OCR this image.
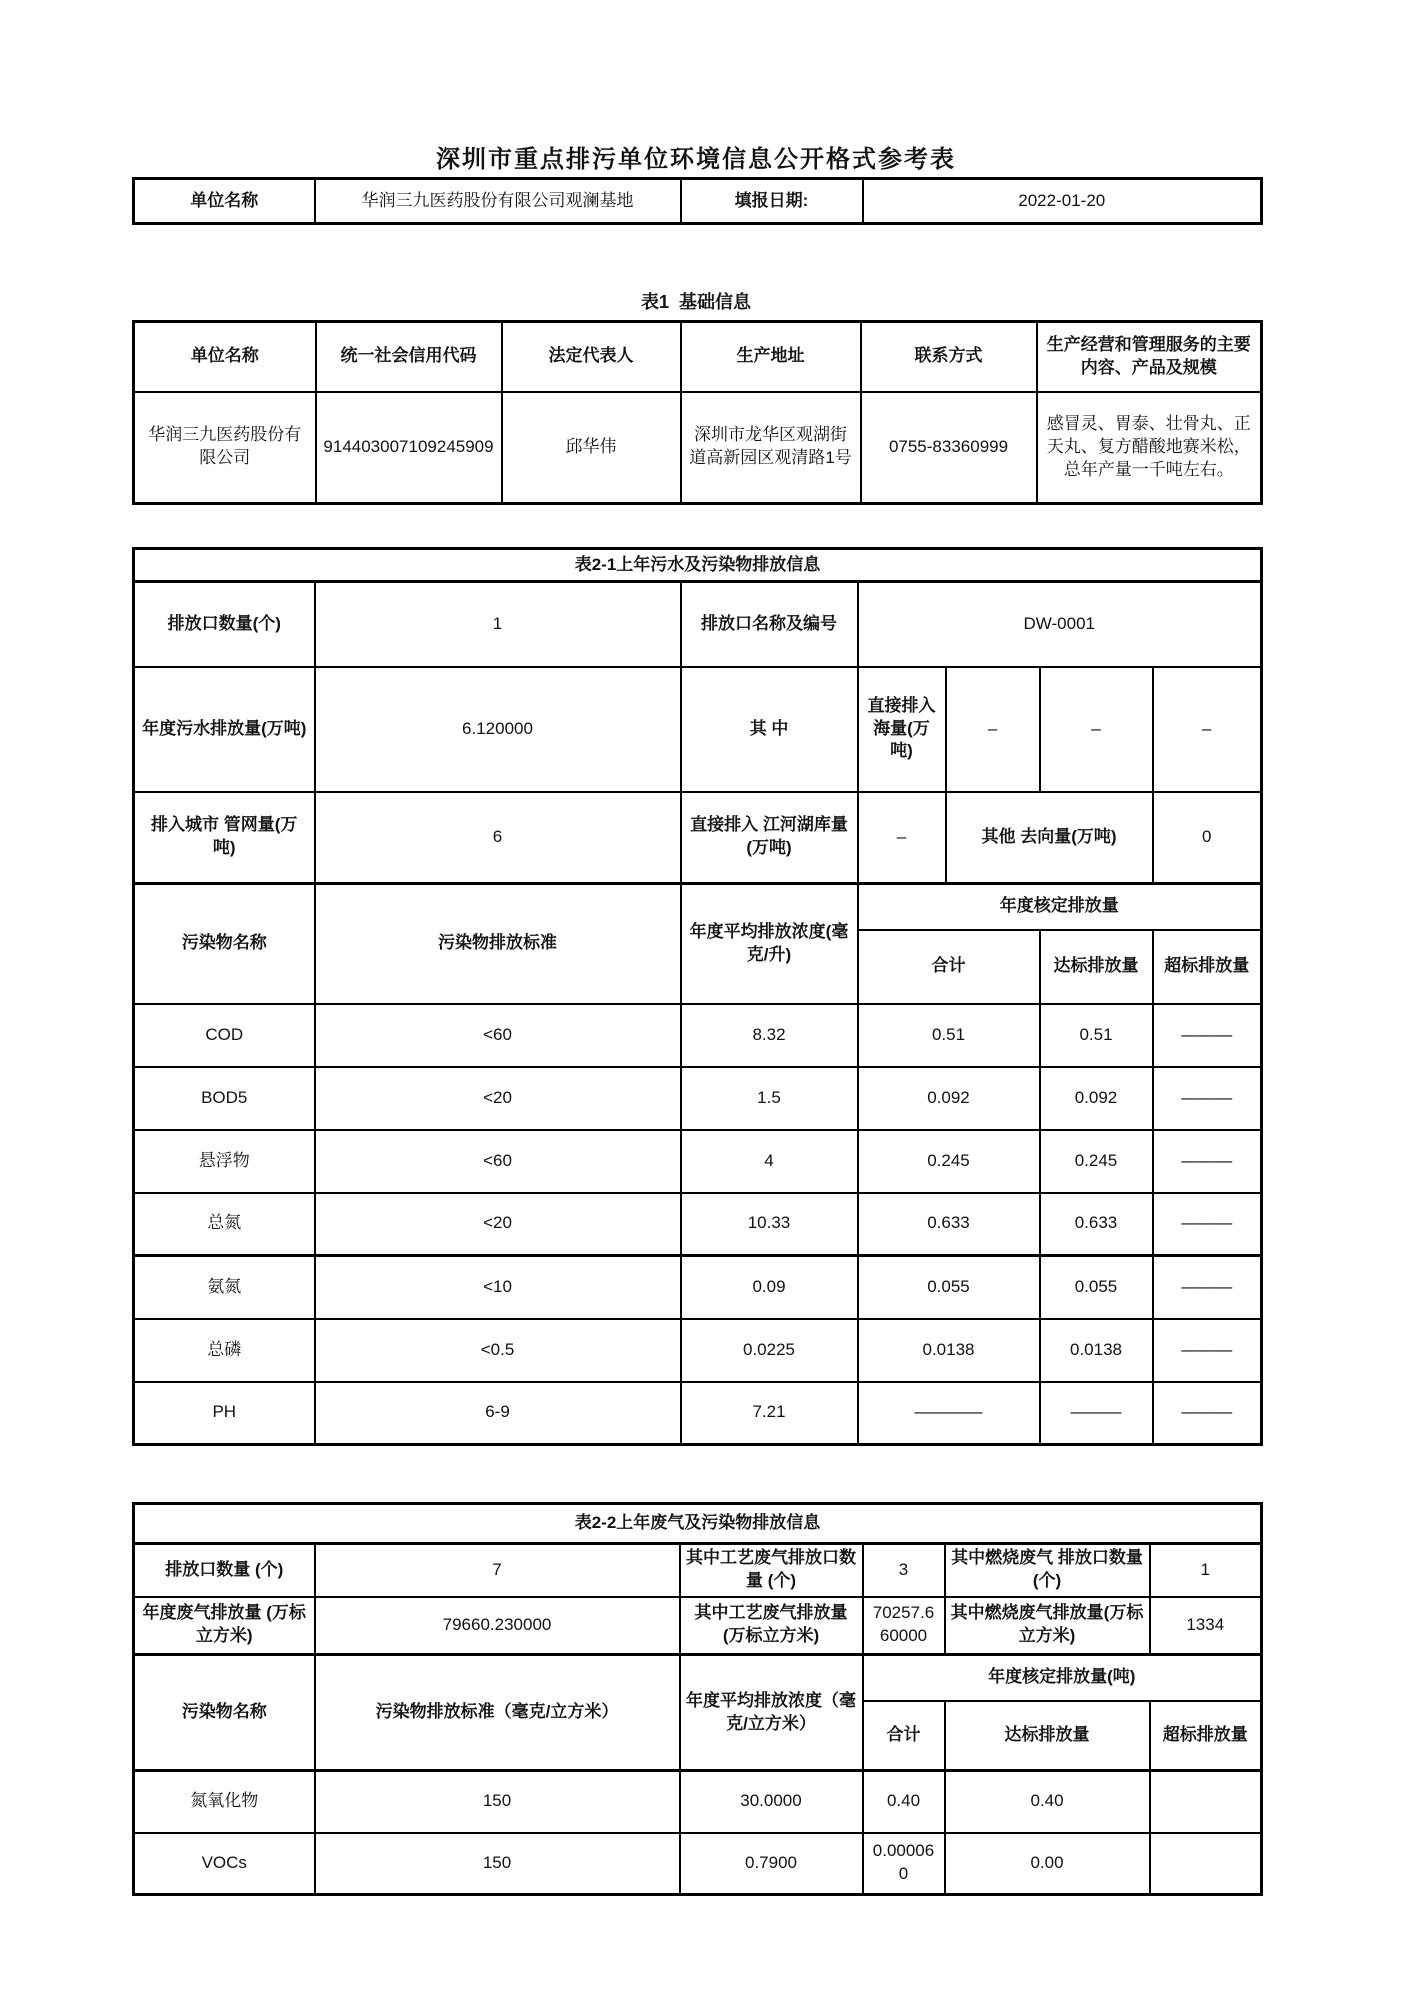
深圳市重点排污单位环境信息公开格式参考表
单位名称	华润三九医药股份有限公司观澜基地	填报日期:	2022-01-20
表1  基础信息
单位名称	统一社会信用代码	法定代表人	生产地址	联系方式	生产经营和管理服务的主要内容、产品及规模
华润三九医药股份有限公司	914403007109245909	邱华伟	深圳市龙华区观湖街道高新园区观清路1号	0755-83360999	感冒灵、胃泰、壮骨丸、正天丸、复方醋酸地赛米松，总年产量一千吨左右。
表2-1上年污水及污染物排放信息						
排放口数量(个)	1	排放口名称及编号	DW-0001			
年度污水排放量(万吨)	6.120000	其 中	直接排入海量(万吨)	–	–	–
排入城市 管网量(万吨)	6	直接排入 江河湖库量(万吨)	–	其他 去向量(万吨)		0
污染物名称	污染物排放标准	年度平均排放浓度(毫克/升)	年度核定排放量			
			合计		达标排放量	超标排放量
COD	<60	8.32	0.51		0.51	———
BOD5	<20	1.5	0.092		0.092	———
悬浮物	<60	4	0.245		0.245	———
总氮	<20	10.33	0.633		0.633	———
氨氮	<10	0.09	0.055		0.055	———
总磷	<0.5	0.0225	0.0138		0.0138	———
PH	6-9	7.21	————		———	———
表2-2上年废气及污染物排放信息					
排放口数量 (个)	7	其中工艺废气排放口数量 (个)	3	其中燃烧废气 排放口数量(个)	1
年度废气排放量 (万标立方米)	79660.230000	其中工艺废气排放量 (万标立方米)	70257.660000	其中燃烧废气排放量(万标立方米)	1334
污染物名称	污染物排放标准（毫克/立方米）	年度平均排放浓度（毫克/立方米）	年度核定排放量(吨)		
			合计	达标排放量	超标排放量
氮氧化物	150	30.0000	0.40	0.40	
VOCs	150	0.7900	0.000060	0.00	
